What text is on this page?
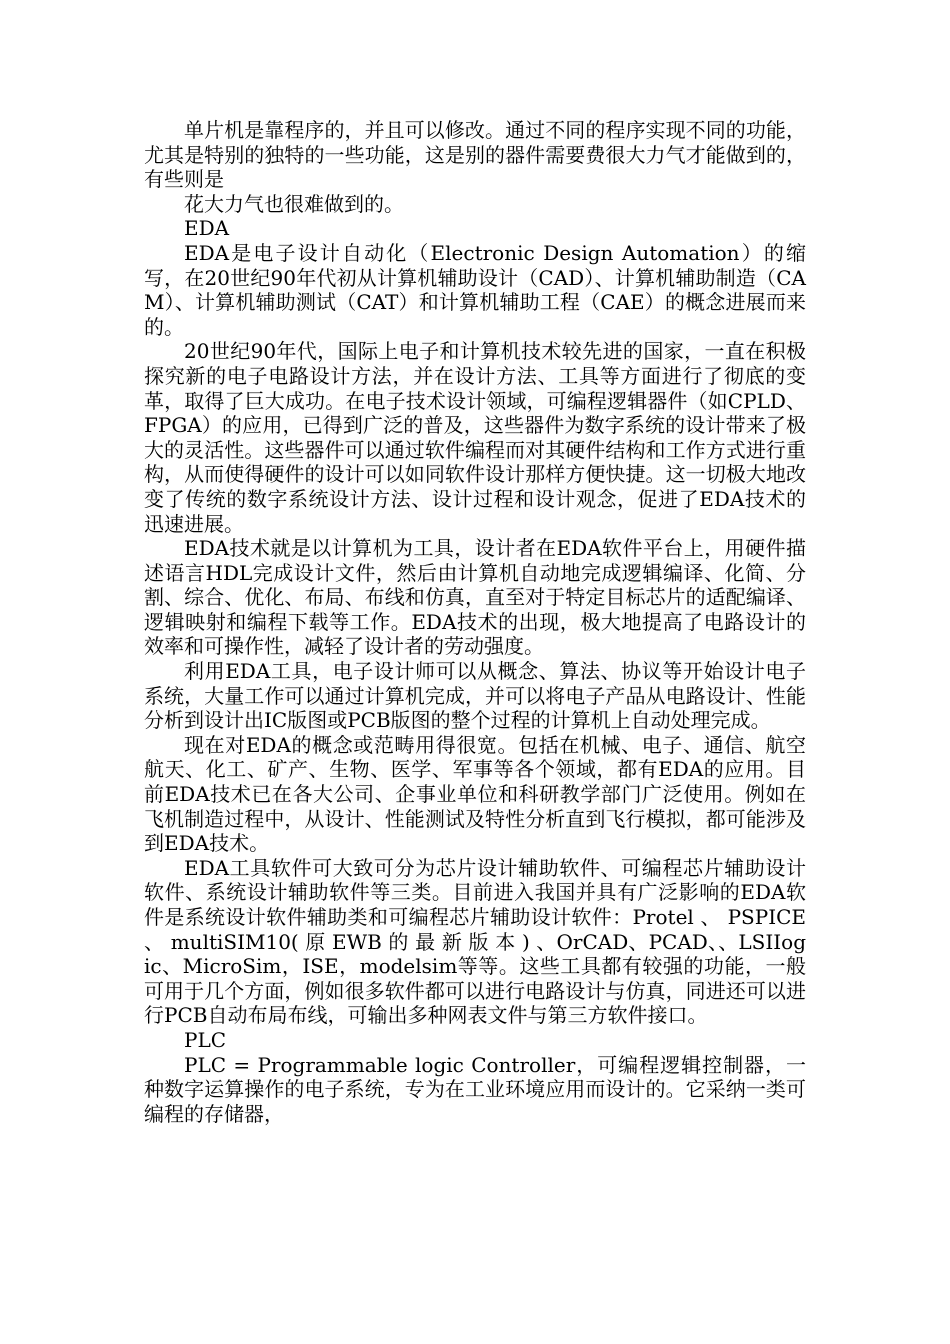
单片机是靠程序的，并且可以修改。通过不同的程序实现不同的功能，尤其是特别的独特的一些功能，这是别的器件需要费很大力气才能做到的，有些则是

花大力气也很难做到的。

EDA

EDA是电子设计自动化（Electronic Design Automation）的缩写，在20世纪90年代初从计算机辅助设计（CAD）、计算机辅助制造（CAM）、计算机辅助测试（CAT）和计算机辅助工程（CAE）的概念进展而来的。

20世纪90年代，国际上电子和计算机技术较先进的国家，一直在积极探究新的电子电路设计方法，并在设计方法、工具等方面进行了彻底的变革，取得了巨大成功。在电子技术设计领域，可编程逻辑器件（如CPLD、FPGA）的应用，已得到广泛的普及，这些器件为数字系统的设计带来了极大的灵活性。这些器件可以通过软件编程而对其硬件结构和工作方式进行重构，从而使得硬件的设计可以如同软件设计那样方便快捷。这一切极大地改变了传统的数字系统设计方法、设计过程和设计观念，促进了EDA技术的迅速进展。

EDA技术就是以计算机为工具，设计者在EDA软件平台上，用硬件描述语言HDL完成设计文件，然后由计算机自动地完成逻辑编译、化简、分割、综合、优化、布局、布线和仿真，直至对于特定目标芯片的适配编译、逻辑映射和编程下载等工作。EDA技术的出现，极大地提高了电路设计的效率和可操作性，减轻了设计者的劳动强度。

利用EDA工具，电子设计师可以从概念、算法、协议等开始设计电子系统，大量工作可以通过计算机完成，并可以将电子产品从电路设计、性能分析到设计出IC版图或PCB版图的整个过程的计算机上自动处理完成。

现在对EDA的概念或范畴用得很宽。包括在机械、电子、通信、航空航天、化工、矿产、生物、医学、军事等各个领域，都有EDA的应用。目前EDA技术已在各大公司、企事业单位和科研教学部门广泛使用。例如在飞机制造过程中，从设计、性能测试及特性分析直到飞行模拟，都可能涉及到EDA技术。

EDA工具软件可大致可分为芯片设计辅助软件、可编程芯片辅助设计软件、系统设计辅助软件等三类。目前进入我国并具有广泛影响的EDA软件是系统设计软件辅助类和可编程芯片辅助设计软件：Protel 、 PSPICE 、 multiSIM10( 原 EWB 的 最 新 版 本 ) 、OrCAD、PCAD、、LSIIogic、MicroSim，ISE，modelsim等等。这些工具都有较强的功能，一般可用于几个方面，例如很多软件都可以进行电路设计与仿真，同进还可以进行PCB自动布局布线，可输出多种网表文件与第三方软件接口。

PLC

PLC = Programmable logic Controller，可编程逻辑控制器，一种数字运算操作的电子系统，专为在工业环境应用而设计的。它采纳一类可编程的存储器，
